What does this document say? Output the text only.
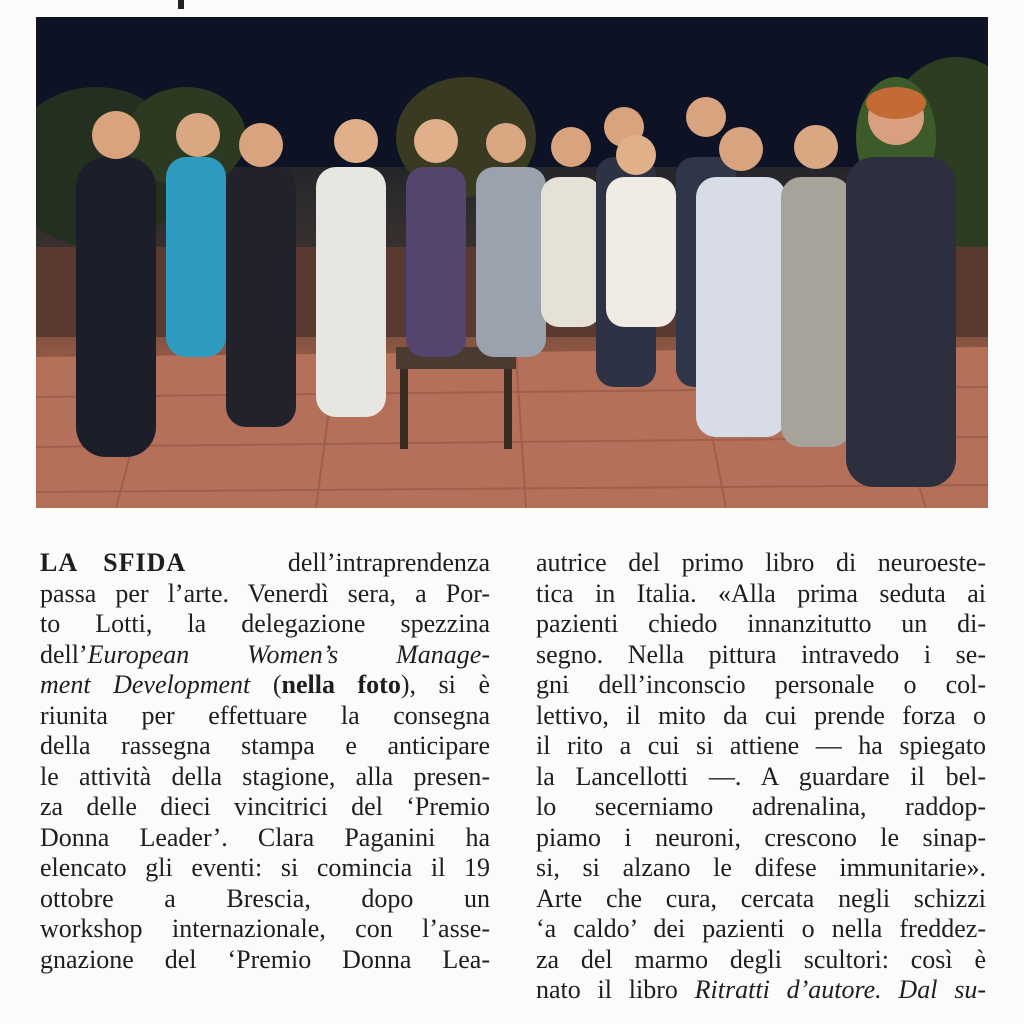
LA SFIDA	dell’intraprendenza
passa per l’arte. Venerdì sera, a Por-
to Lotti, la delegazione spezzina
dell’European Women’s Manage-
ment Development (nella foto), si è
riunita per effettuare la consegna
della rassegna stampa e anticipare
le attività della stagione, alla presen-
za delle dieci vincitrici del ‘Premio
Donna Leader’. Clara Paganini ha
elencato gli eventi: si comincia il 19
ottobre a Brescia, dopo un
workshop internazionale, con l’asse-
gnazione del ‘Premio Donna Lea-
autrice del primo libro di neuroeste-
tica in Italia. «Alla prima seduta ai
pazienti chiedo innanzitutto un di-
segno. Nella pittura intravedo i se-
gni dell’inconscio personale o col-
lettivo, il mito da cui prende forza o
il rito a cui si attiene — ha spiegato
la Lancellotti —. A guardare il bel-
lo secerniamo adrenalina, raddop-
piamo i neuroni, crescono le sinap-
si, si alzano le difese immunitarie».
Arte che cura, cercata negli schizzi
‘a caldo’ dei pazienti o nella freddez-
za del marmo degli scultori: così è
nato il libro Ritratti d’autore. Dal su-
